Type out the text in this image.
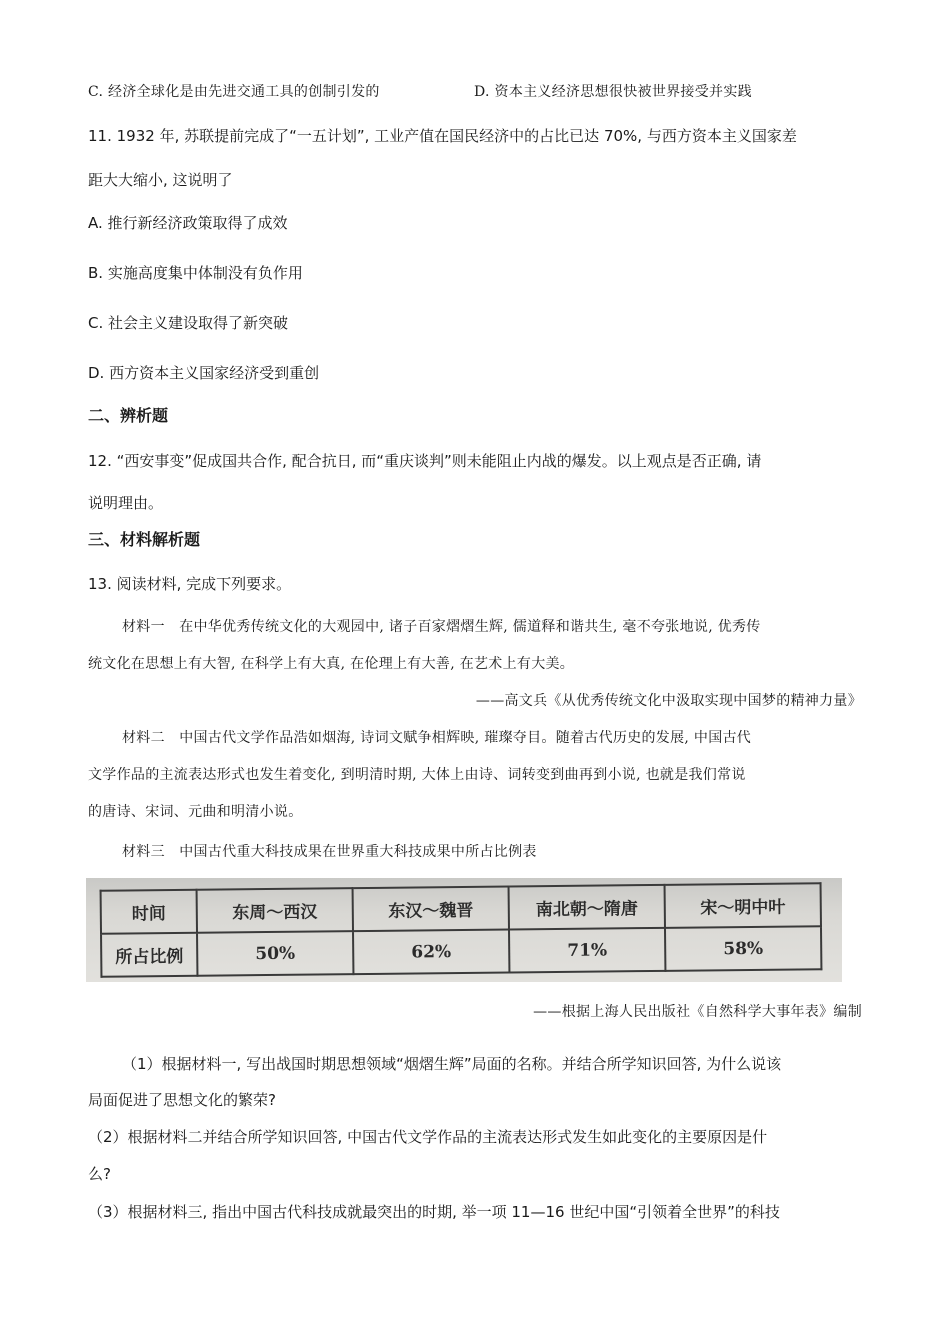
C. 经济全球化是由先进交通工具的创制引发的	D. 资本主义经济思想很快被世界接受并实践
11. 1932 年, 苏联提前完成了“一五计划”, 工业产值在国民经济中的占比已达 70%, 与西方资本主义国家差
距大大缩小, 这说明了
A. 推行新经济政策取得了成效
B. 实施高度集中体制没有负作用
C. 社会主义建设取得了新突破
D. 西方资本主义国家经济受到重创
二、辨析题
12. “西安事变”促成国共合作, 配合抗日, 而“重庆谈判”则未能阻止内战的爆发。以上观点是否正确, 请
说明理由。
三、材料解析题
13. 阅读材料, 完成下列要求。
材料一　在中华优秀传统文化的大观园中, 诸子百家熠熠生辉, 儒道释和谐共生, 毫不夸张地说, 优秀传
统文化在思想上有大智, 在科学上有大真, 在伦理上有大善, 在艺术上有大美。
——高文兵《从优秀传统文化中汲取实现中国梦的精神力量》
材料二　中国古代文学作品浩如烟海, 诗词文赋争相辉映, 璀璨夺目。随着古代历史的发展, 中国古代
文学作品的主流表达形式也发生着变化, 到明清时期, 大体上由诗、词转变到曲再到小说, 也就是我们常说
的唐诗、宋词、元曲和明清小说。
材料三　中国古代重大科技成果在世界重大科技成果中所占比例表
时间	东周～西汉	东汉～魏晋	南北朝～隋唐	宋～明中叶
所占比例	50%	62%	71%	58%
——根据上海人民出版社《自然科学大事年表》编制
（1）根据材料一, 写出战国时期思想领域“烟熠生辉”局面的名称。并结合所学知识回答, 为什么说该
局面促进了思想文化的繁荣?
（2）根据材料二并结合所学知识回答, 中国古代文学作品的主流表达形式发生如此变化的主要原因是什
么?
（3）根据材料三, 指出中国古代科技成就最突出的时期, 举一项 11—16 世纪中国“引领着全世界”的科技
